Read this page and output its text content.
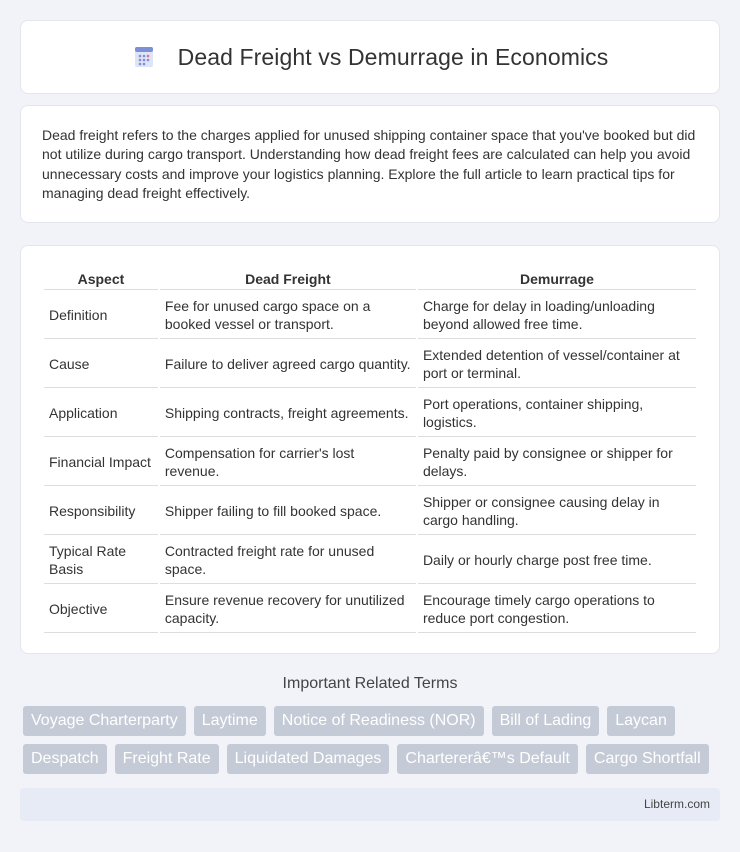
Dead Freight vs Demurrage in Economics

Dead freight refers to the charges applied for unused shipping container space that you've booked but did not utilize during cargo transport. Understanding how dead freight fees are calculated can help you avoid unnecessary costs and improve your logistics planning. Explore the full article to learn practical tips for managing dead freight effectively.

Aspect	Dead Freight	Demurrage
Definition	Fee for unused cargo space on a booked vessel or transport.	Charge for delay in loading/unloading beyond allowed free time.
Cause	Failure to deliver agreed cargo quantity.	Extended detention of vessel/container at port or terminal.
Application	Shipping contracts, freight agreements.	Port operations, container shipping, logistics.
Financial Impact	Compensation for carrier's lost revenue.	Penalty paid by consignee or shipper for delays.
Responsibility	Shipper failing to fill booked space.	Shipper or consignee causing delay in cargo handling.
Typical Rate Basis	Contracted freight rate for unused space.	Daily or hourly charge post free time.
Objective	Ensure revenue recovery for unutilized capacity.	Encourage timely cargo operations to reduce port congestion.
Important Related Terms
Voyage Charterparty	Laytime	Notice of Readiness (NOR)	Bill of Lading	Laycan
Despatch	Freight Rate	Liquidated Damages	Chartererâ€™s Default	Cargo Shortfall
Libterm.com
